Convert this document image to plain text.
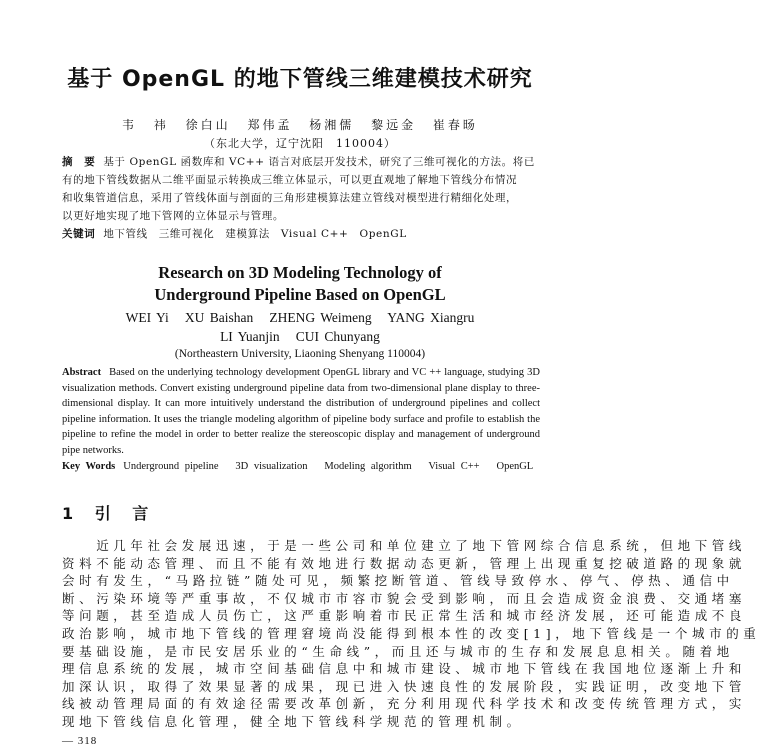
基于 OpenGL 的地下管线三维建模技术研究
韦 祎 徐白山 郑伟孟 杨湘儒 黎远金 崔春旸
（东北大学，辽宁沈阳　110004）
摘　要 基于 OpenGL 函数库和 VC++ 语言对底层开发技术，研究了三维可视化的方法。将已
有的地下管线数据从二维平面显示转换成三维立体显示，可以更直观地了解地下管线分布情况
和收集管道信息，采用了管线体面与剖面的三角形建模算法建立管线对模型进行精细化处理，
以更好地实现了地下管网的立体显示与管理。
关键词 地下管线　三维可视化　建模算法　Visual C++　OpenGL
Research on 3D Modeling Technology of
Underground Pipeline Based on OpenGL
WEI Yi   XU Baishan   ZHENG Weimeng   YANG Xiangru
LI Yuanjin   CUI Chunyang
(Northeastern University, Liaoning Shenyang 110004)
Abstract Based on the underlying technology development OpenGL library and VC ++ language, studying 3D visualization methods. Convert existing underground pipeline data from two-dimensional plane display to three-dimensional display. It can more intuitively understand the distribution of underground pipelines and collect pipeline information. It uses the triangle modeling algorithm of pipeline body surface and profile to establish the pipeline to refine the model in order to better realize the stereoscopic display and management of underground pipe networks.
Key Words Underground pipeline   3D visualization   Modeling algorithm   Visual C++   OpenGL
1 引 言
　　近几年社会发展迅速，于是一些公司和单位建立了地下管网综合信息系统，但地下管线
资料不能动态管理、而且不能有效地进行数据动态更新，管理上出现重复挖破道路的现象就
会时有发生，“马路拉链”随处可见，频繁挖断管道、管线导致停水、停气、停热、通信中
断、污染环境等严重事故，不仅城市市容市貌会受到影响，而且会造成资金浪费、交通堵塞
等问题，甚至造成人员伤亡，这严重影响着市民正常生活和城市经济发展，还可能造成不良
政治影响，城市地下管线的管理窘境尚没能得到根本性的改变[1]，地下管线是一个城市的重
要基础设施，是市民安居乐业的“生命线”，而且还与城市的生存和发展息息相关。随着地
理信息系统的发展，城市空间基础信息中和城市建设、城市地下管线在我国地位逐渐上升和
加深认识，取得了效果显著的成果，现已进入快速良性的发展阶段，实践证明，改变地下管
线被动管理局面的有效途径需要改革创新，充分利用现代科学技术和改变传统管理方式，实
现地下管线信息化管理，健全地下管线科学规范的管理机制。
— 318
